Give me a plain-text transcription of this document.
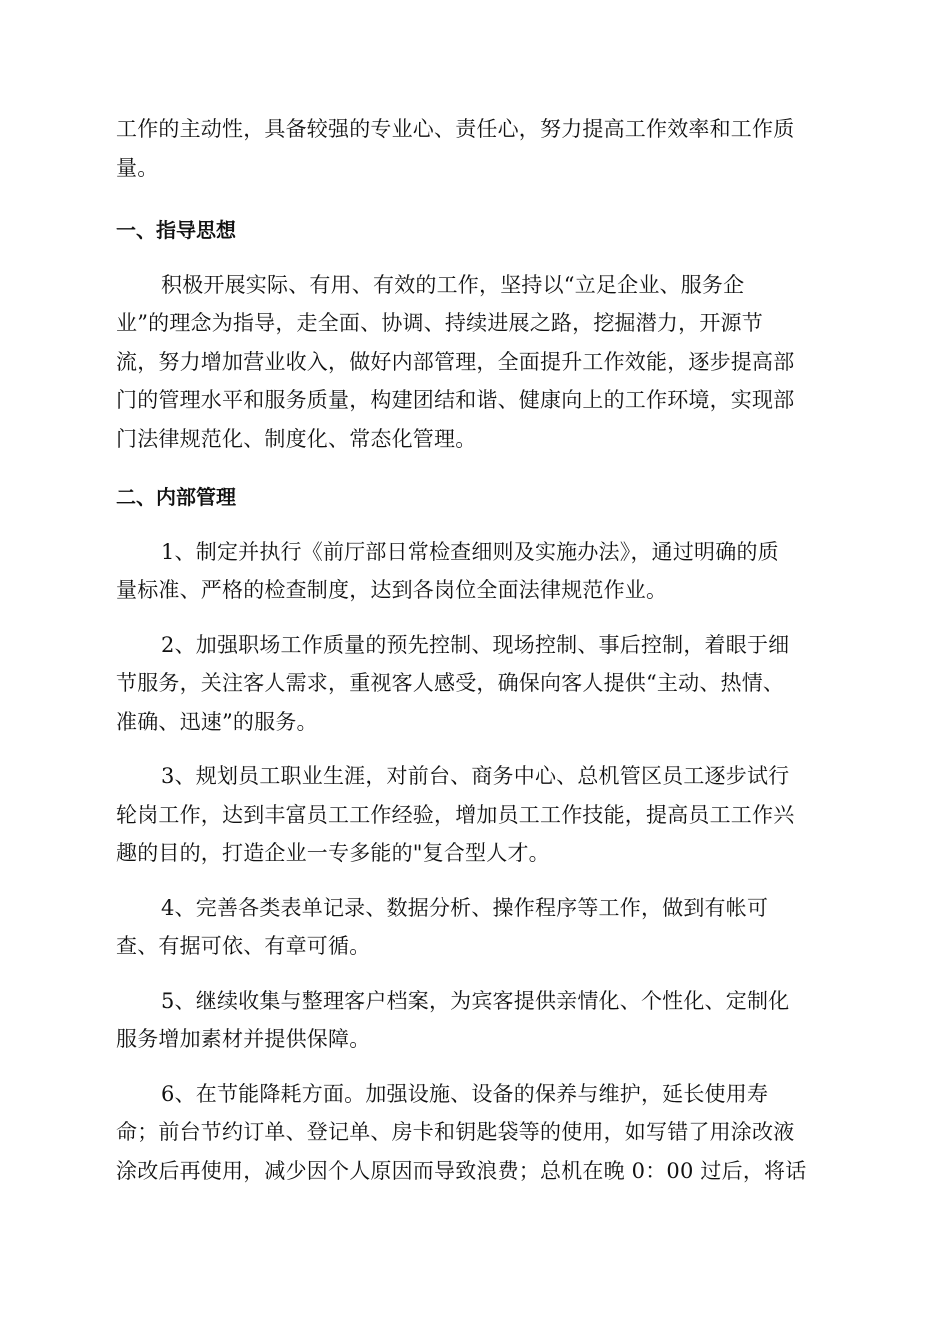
工作的主动性，具备较强的专业心、责任心，努力提高工作效率和工作质
量。

一、指导思想

积极开展实际、有用、有效的工作，坚持以“立足企业、服务企
业”的理念为指导，走全面、协调、持续进展之路，挖掘潜力，开源节
流，努力增加营业收入，做好内部管理，全面提升工作效能，逐步提高部
门的管理水平和服务质量，构建团结和谐、健康向上的工作环境，实现部
门法律规范化、制度化、常态化管理。

二、内部管理

1、制定并执行《前厅部日常检查细则及实施办法》，通过明确的质
量标准、严格的检查制度，达到各岗位全面法律规范作业。

2、加强职场工作质量的预先控制、现场控制、事后控制，着眼于细
节服务，关注客人需求，重视客人感受，确保向客人提供“主动、热情、
准确、迅速”的服务。

3、规划员工职业生涯，对前台、商务中心、总机管区员工逐步试行
轮岗工作，达到丰富员工工作经验，增加员工工作技能，提高员工工作兴
趣的目的，打造企业一专多能的"复合型人才。

4、完善各类表单记录、数据分析、操作程序等工作，做到有帐可
查、有据可依、有章可循。

5、继续收集与整理客户档案，为宾客提供亲情化、个性化、定制化
服务增加素材并提供保障。

6、在节能降耗方面。加强设施、设备的保养与维护，延长使用寿
命；前台节约订单、登记单、房卡和钥匙袋等的使用，如写错了用涂改液
涂改后再使用，减少因个人原因而导致浪费；总机在晚 0：00 过后，将话
